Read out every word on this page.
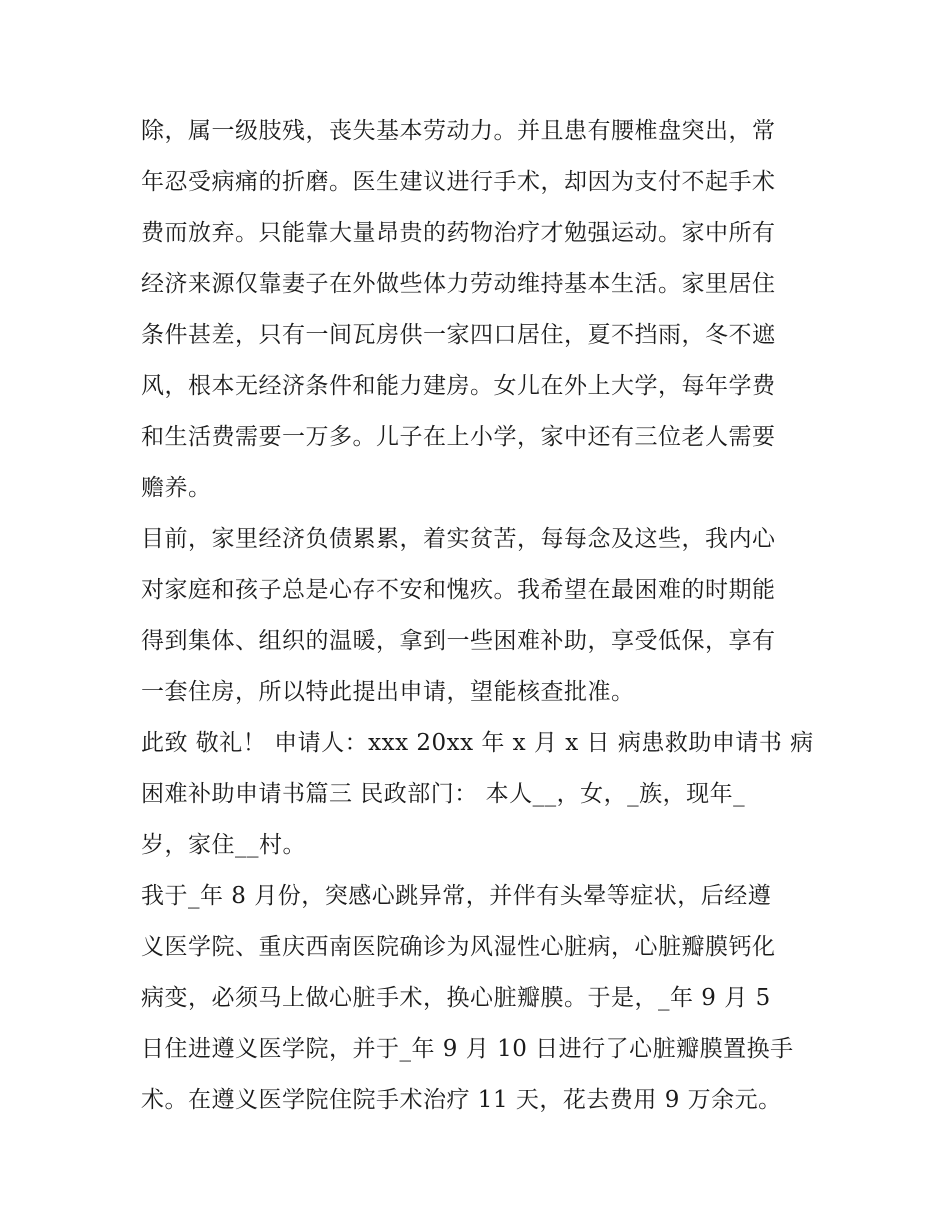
除，属一级肢残，丧失基本劳动力。并且患有腰椎盘突出，常
年忍受病痛的折磨。医生建议进行手术，却因为支付不起手术
费而放弃。只能靠大量昂贵的药物治疗才勉强运动。家中所有
经济来源仅靠妻子在外做些体力劳动维持基本生活。家里居住
条件甚差，只有一间瓦房供一家四口居住，夏不挡雨，冬不遮
风，根本无经济条件和能力建房。女儿在外上大学，每年学费
和生活费需要一万多。儿子在上小学，家中还有三位老人需要
赡养。
目前，家里经济负债累累，着实贫苦，每每念及这些，我内心
对家庭和孩子总是心存不安和愧疚。我希望在最困难的时期能
得到集体、组织的温暖，拿到一些困难补助，享受低保，享有
一套住房，所以特此提出申请，望能核查批准。
此致 敬礼！ 申请人：xxx 20xx 年 x 月 x 日 病患救助申请书 病
困难补助申请书篇三 民政部门： 本人__，女，_族，现年_
岁，家住__村。
我于_年 8 月份，突感心跳异常，并伴有头晕等症状，后经遵
义医学院、重庆西南医院确诊为风湿性心脏病，心脏瓣膜钙化
病变，必须马上做心脏手术，换心脏瓣膜。于是，_年 9 月 5
日住进遵义医学院，并于_年 9 月 10 日进行了心脏瓣膜置换手
术。在遵义医学院住院手术治疗 11 天，花去费用 9 万余元。
